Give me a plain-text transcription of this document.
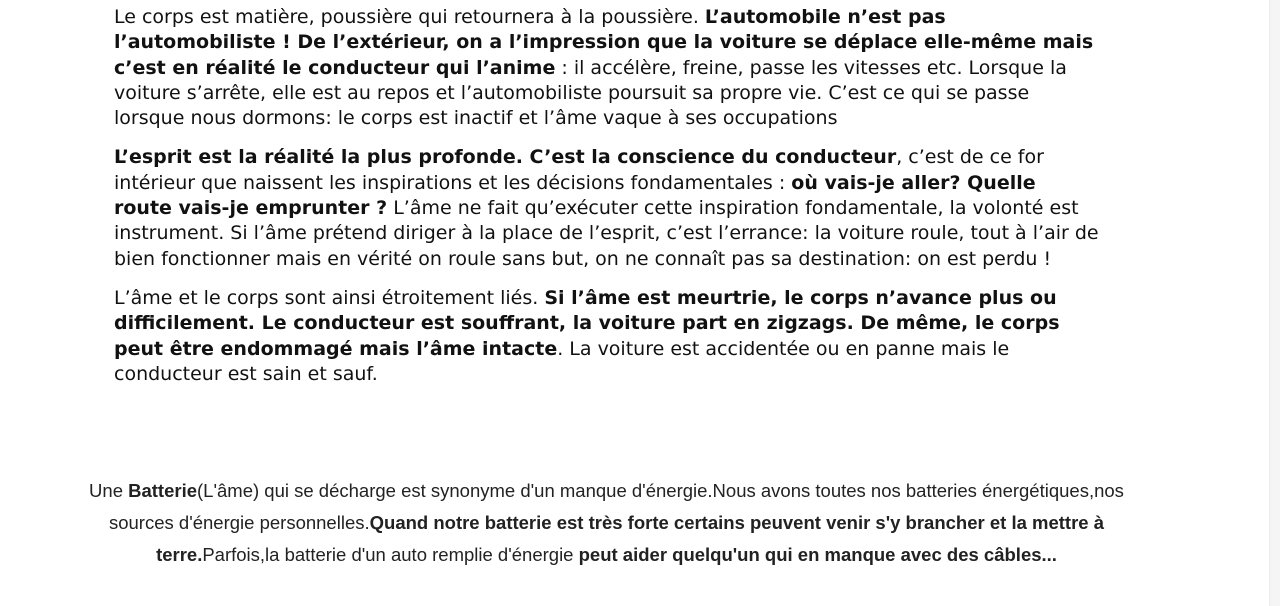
Le corps est matière, poussière qui retournera à la poussière. L’automobile n’est pas l’automobiliste ! De l’extérieur, on a l’impression que la voiture se déplace elle-même mais c’est en réalité le conducteur qui l’anime : il accélère, freine, passe les vitesses etc. Lorsque la voiture s’arrête, elle est au repos et l’automobiliste poursuit sa propre vie. C’est ce qui se passe lorsque nous dormons: le corps est inactif et l’âme vaque à ses occupations

L’esprit est la réalité la plus profonde. C’est la conscience du conducteur, c’est de ce for intérieur que naissent les inspirations et les décisions fondamentales : où vais-je aller? Quelle route vais-je emprunter ? L’âme ne fait qu’exécuter cette inspiration fondamentale, la volonté est instrument. Si l’âme prétend diriger à la place de l’esprit, c’est l’errance: la voiture roule, tout à l’air de bien fonctionner mais en vérité on roule sans but, on ne connaît pas sa destination: on est perdu !

L’âme et le corps sont ainsi étroitement liés. Si l’âme est meurtrie, le corps n’avance plus ou difficilement. Le conducteur est souffrant, la voiture part en zigzags. De même, le corps peut être endommagé mais l’âme intacte. La voiture est accidentée ou en panne mais le conducteur est sain et sauf.

Une Batterie(L'âme) qui se décharge est synonyme d'un manque d'énergie.Nous avons toutes nos batteries énergétiques,nos sources d'énergie personnelles.Quand notre batterie est très forte certains peuvent venir s'y brancher et la mettre à terre.Parfois,la batterie d'un auto remplie d'énergie peut aider quelqu'un qui en manque avec des câbles...
